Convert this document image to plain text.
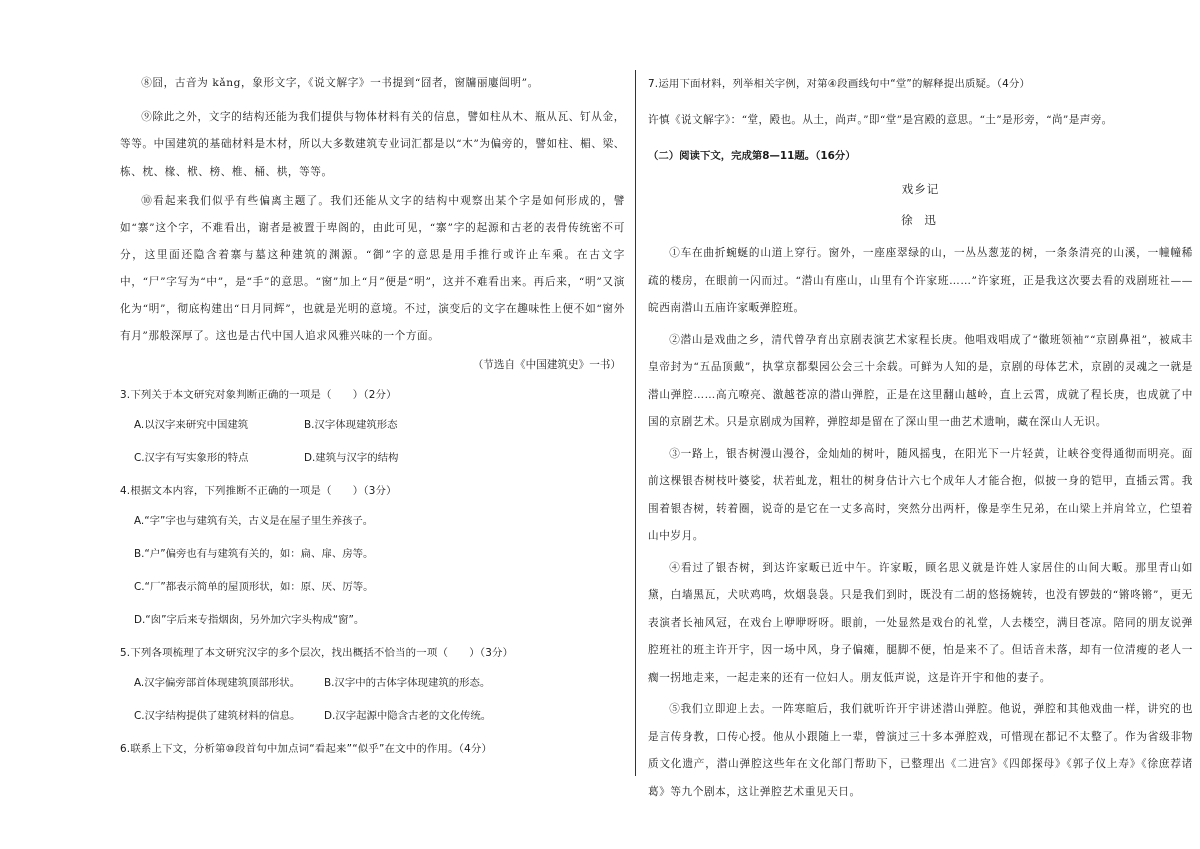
⑧囧，古音为 kǎng，象形文字，《说文解字》一书提到“囧者，窗牖丽廔闿明”。

⑨除此之外，文字的结构还能为我们提供与物体材料有关的信息，譬如柱从木、瓶从瓦、钉从金，等等。中国建筑的基础材料是木材，所以大多数建筑专业词汇都是以“木”为偏旁的，譬如柱、楣、梁、栋、枕、椽、栿、榜、椎、桶、栱，等等。

⑩看起来我们似乎有些偏离主题了。我们还能从文字的结构中观察出某个字是如何形成的，譬如“寨”这个字，不难看出，谢者是被置于卑阁的，由此可见，“寨”字的起源和古老的表骨传统密不可分，这里面还隐含着寨与墓这种建筑的渊源。“御”字的意思是用手推行或许止车乘。在古文字中，“尸”字写为“中”，是“手”的意思。“窗”加上“月”便是“明”，这并不难看出来。再后来，“明”又演化为“明”，彻底构建出“日月同辉”，也就是光明的意境。不过，演变后的文字在趣味性上便不如“窗外有月”那般深厚了。这也是古代中国人追求风雅兴味的一个方面。

（节选自《中国建筑史》一书）

3.下列关于本文研究对象判断正确的一项是（　　）（2分）

A.以汉字来研究中国建筑	B.汉字体现建筑形态
C.汉字有写实象形的特点	D.建筑与汉字的结构

4.根据文本内容，下列推断不正确的一项是（　　）（3分）

A.“字”字也与建筑有关，古义是在屋子里生养孩子。

B.“户”偏旁也有与建筑有关的，如：扁、扉、房等。

C.“厂”都表示简单的屋顶形状，如：原、厌、厉等。

D.“囱”字后来专指烟囱，另外加穴字头构成“窗”。

5.下列各项梳理了本文研究汉字的多个层次，找出概括不恰当的一项（　　）（3分）

A.汉字偏旁部首体现建筑顶部形状。	B.汉字中的古体字体现建筑的形态。
C.汉字结构提供了建筑材料的信息。	D.汉字起源中隐含古老的文化传统。

6.联系上下文，分析第⑩段首句中加点词“看起来”“似乎”在文中的作用。（4分）

7.运用下面材料，列举相关字例，对第④段画线句中“堂”的解释提出质疑。（4分）

许慎《说文解字》：“堂，殿也。从土，尚声。”即“堂”是宫殿的意思。“土”是形旁，“尚”是声旁。

（二）阅读下文，完成第8—11题。（16分）

戏乡记

徐 迅

①车在曲折蜿蜒的山道上穿行。窗外，一座座翠绿的山，一丛丛葱茏的树，一条条清亮的山溪，一幢幢稀疏的楼房，在眼前一闪而过。“潜山有座山，山里有个许家班……”许家班，正是我这次要去看的戏剧班社——皖西南潜山五庙许家畈弹腔班。

②潜山是戏曲之乡，清代曾孕育出京剧表演艺术家程长庚。他唱戏唱成了“徽班领袖”“京剧鼻祖”，被咸丰皇帝封为“五品顶戴”，执掌京都梨园公会三十余载。可鲜为人知的是，京剧的母体艺术，京剧的灵魂之一就是潜山弹腔……高亢嘹亮、激越苍凉的潜山弹腔，正是在这里翻山越岭，直上云霄，成就了程长庚，也成就了中国的京剧艺术。只是京剧成为国粹，弹腔却是留在了深山里一曲艺术遗响，藏在深山人无识。

③一路上，银杏树漫山漫谷，金灿灿的树叶，随风摇曳，在阳光下一片轻黄，让峡谷变得通彻而明亮。面前这棵银杏树枝叶婆娑，状若虬龙，粗壮的树身估计六七个成年人才能合抱，似披一身的铠甲，直插云霄。我围着银杏树，转着圈，说奇的是它在一丈多高时，突然分出两杆，像是孪生兄弟，在山梁上并肩耸立，伫望着山中岁月。

④看过了银杏树，到达许家畈已近中午。许家畈，顾名思义就是许姓人家居住的山间大畈。那里青山如黛，白墙黑瓦，犬吠鸡鸣，炊烟袅袅。只是我们到时，既没有二胡的悠扬婉转，也没有锣鼓的“锵咚锵”，更无表演者长袖风冠，在戏台上咿咿呀呀。眼前，一处显然是戏台的礼堂，人去楼空，满目苍凉。陪同的朋友说弹腔班社的班主许开宇，因一场中风，身子偏瘫，腿脚不便，怕是来不了。但话音未落，却有一位清瘦的老人一瘸一拐地走来，一起走来的还有一位妇人。朋友低声说，这是许开宇和他的妻子。

⑤我们立即迎上去。一阵寒暄后，我们就听许开宇讲述潜山弹腔。他说，弹腔和其他戏曲一样，讲究的也是言传身教，口传心授。他从小跟随上一辈，曾演过三十多本弹腔戏，可惜现在都记不太整了。作为省级非物质文化遗产，潜山弹腔这些年在文化部门帮助下，已整理出《二进宫》《四郎探母》《郭子仪上寿》《徐庶荐诸葛》等九个剧本，这让弹腔艺术重见天日。
